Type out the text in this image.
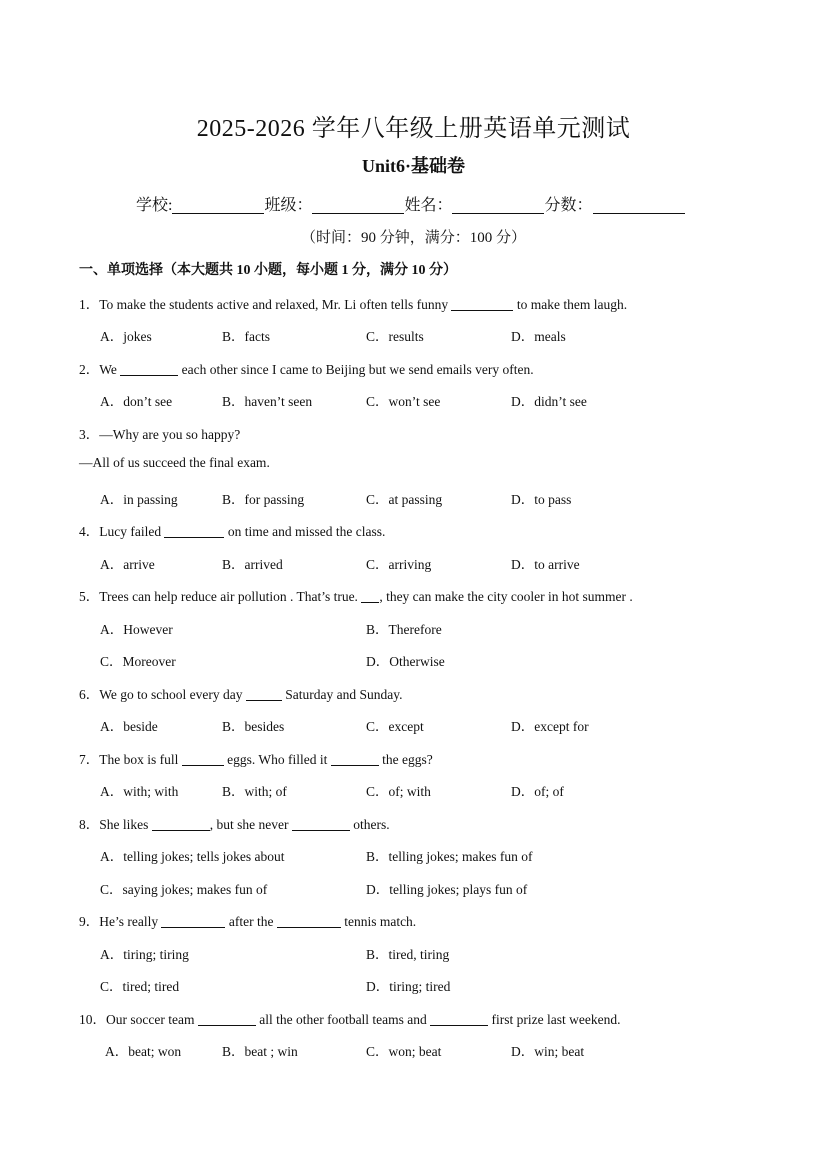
2025-2026 学年八年级上册英语单元测试
Unit6·基础卷
学校:	班级：	姓名：	分数：
（时间：90 分钟，满分：100 分）
一、单项选择（本大题共 10 小题，每小题 1 分，满分 10 分）
1．To make the students active and relaxed, Mr. Li often tells funny	to make them laugh.
A．jokes	B．facts	C．results	D．meals
2．We	each other since I came to Beijing but we send emails very often.
A．don’t see	B．haven’t seen	C．won’t see	D．didn’t see
3．—Why are you so happy?
—All of us succeed the final exam.
A．in passing	B．for passing	C．at passing	D．to pass
4．Lucy failed	on time and missed the class.
A．arrive	B．arrived	C．arriving	D．to arrive
5．Trees can help reduce air pollution . That’s true. , they can make the city cooler in hot summer .
A．However	B．Therefore
C．Moreover	D．Otherwise
6．We go to school every day	Saturday and Sunday.
A．beside	B．besides	C．except	D．except for
7．The box is full	eggs. Who filled it	the eggs?
A．with; with	B．with; of	C．of; with	D．of; of
8．She likes	, but she never	others.
A．telling jokes; tells jokes about	B．telling jokes; makes fun of
C．saying jokes; makes fun of	D．telling jokes; plays fun of
9．He’s really	after the	tennis match.
A．tiring; tiring	B．tired, tiring
C．tired; tired	D．tiring; tired
10．Our soccer team	all the other football teams and	first prize last weekend.
A．beat; won	B．beat ; win	C．won; beat	D．win; beat
